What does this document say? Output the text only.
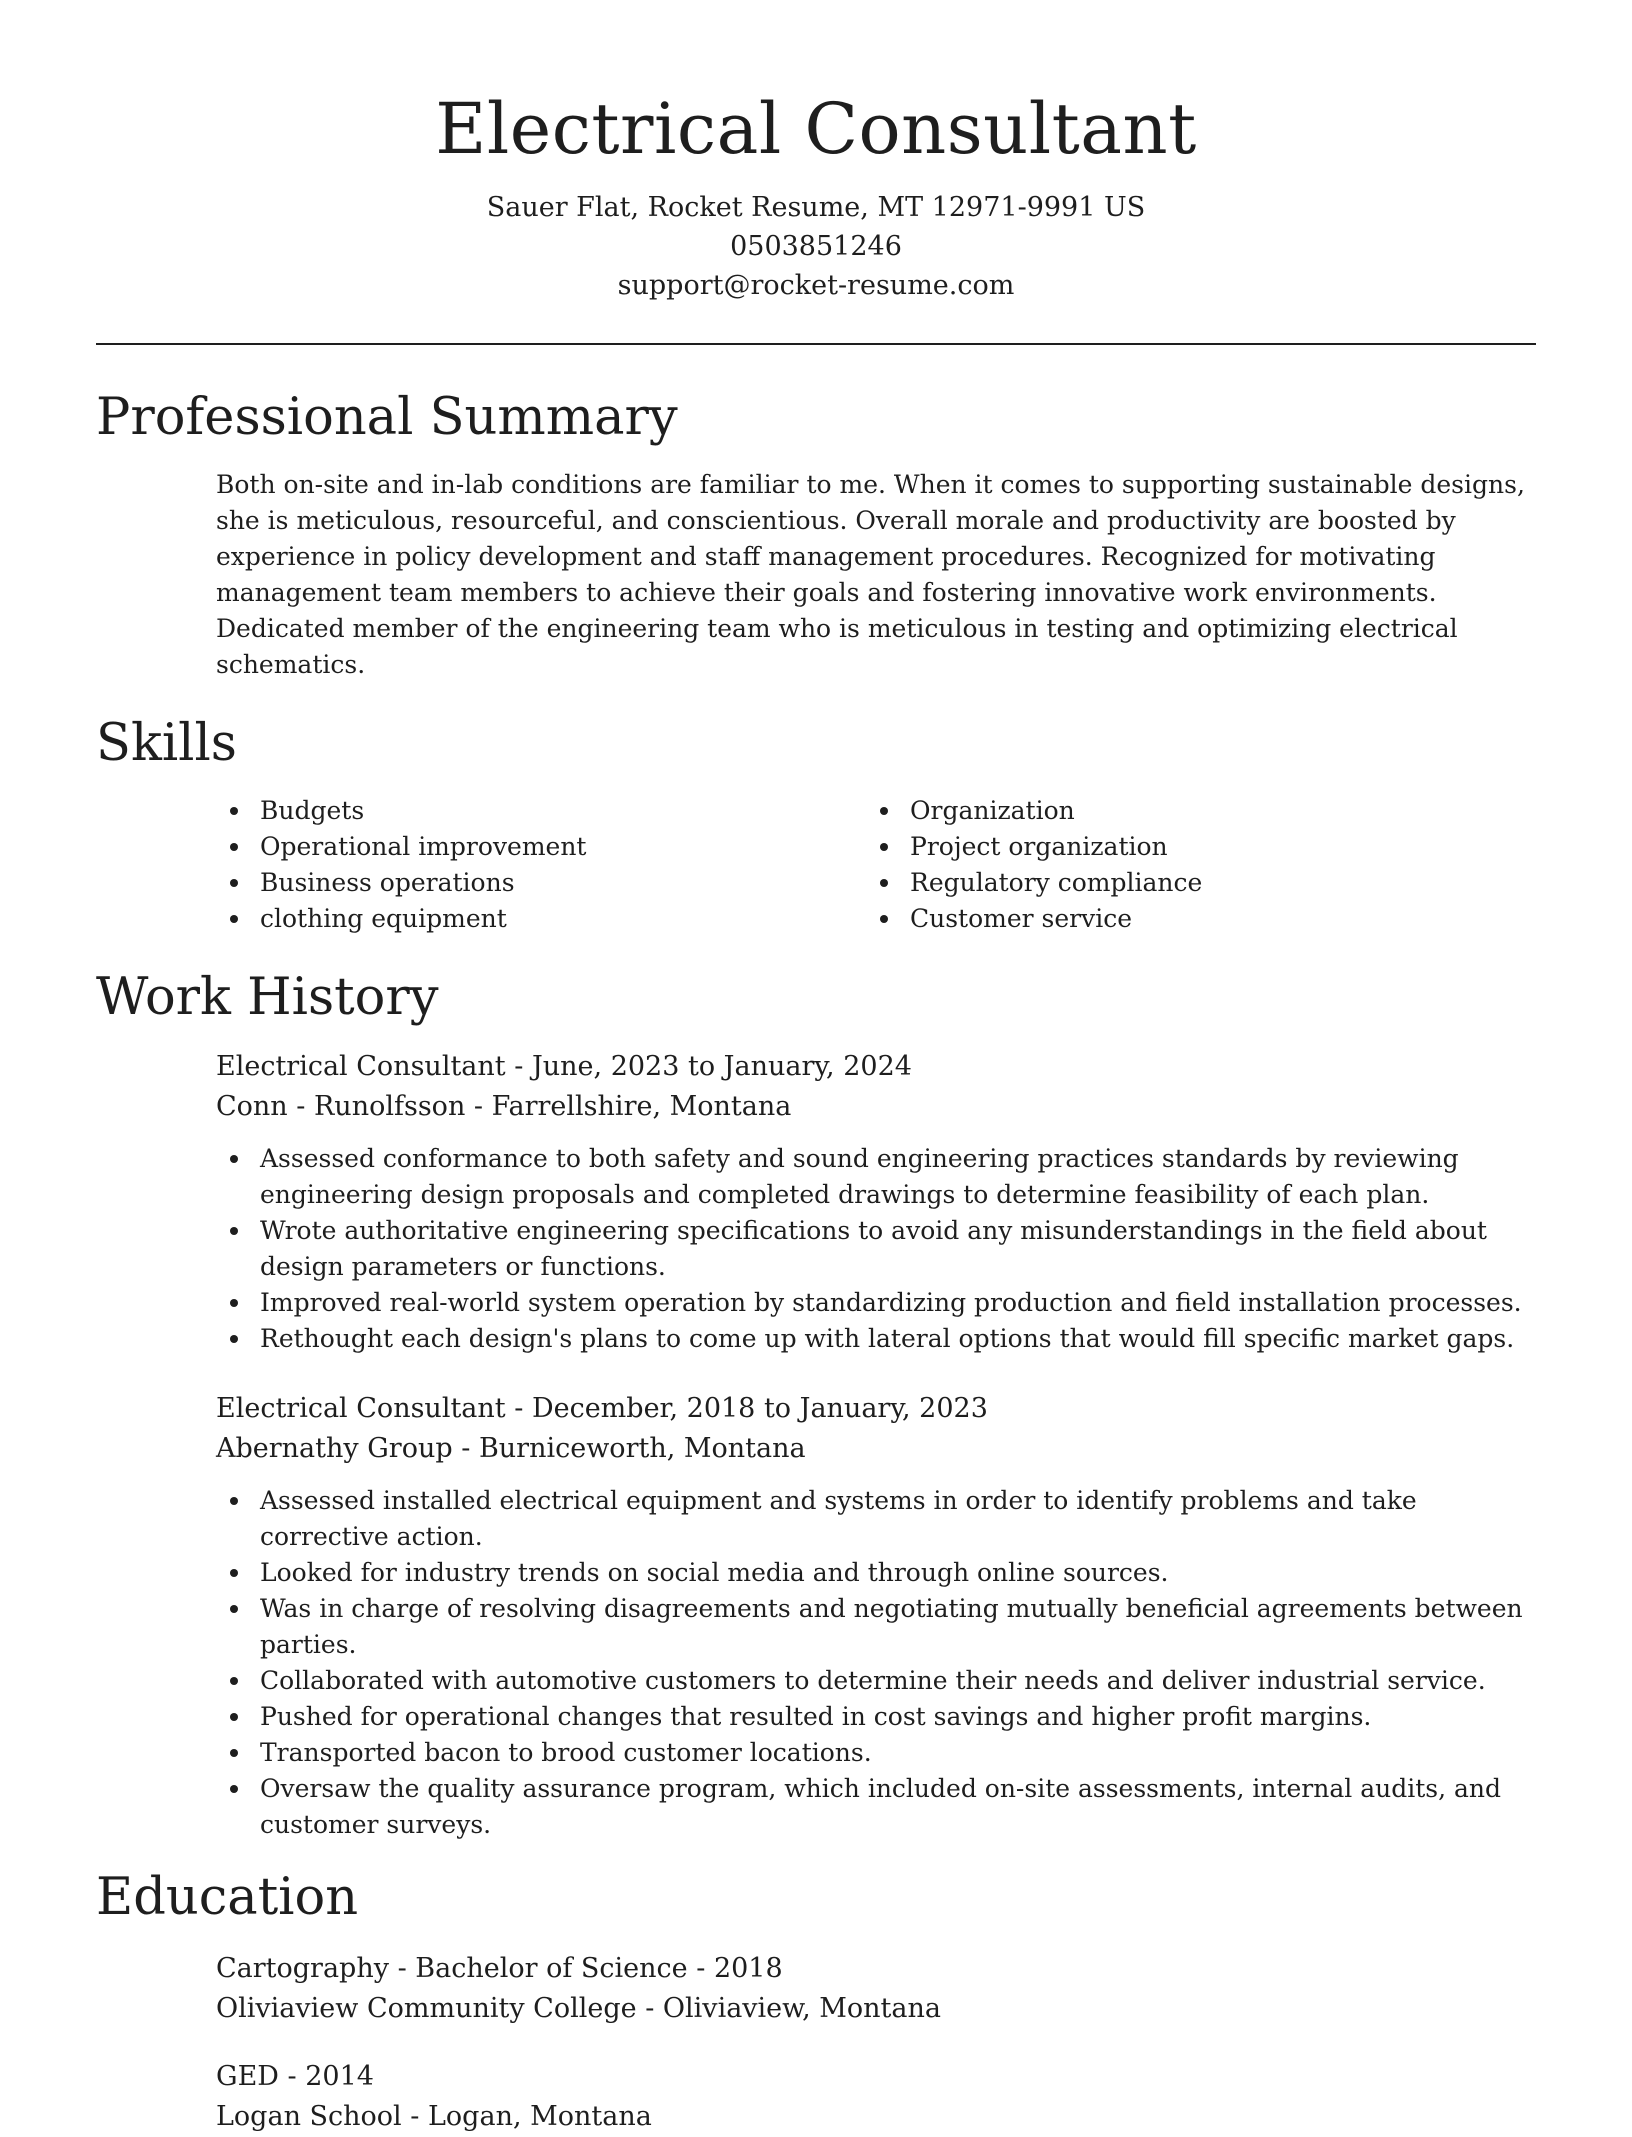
Electrical Consultant
Sauer Flat, Rocket Resume, MT 12971-9991 US
0503851246
support@rocket-resume.com
Professional Summary

Both on-site and in-lab conditions are familiar to me. When it comes to supporting sustainable designs, she is meticulous, resourceful, and conscientious. Overall morale and productivity are boosted by experience in policy development and staff management procedures. Recognized for motivating management team members to achieve their goals and fostering innovative work environments. Dedicated member of the engineering team who is meticulous in testing and optimizing electrical schematics.

Skills
Budgets
Operational improvement
Business operations
clothing equipment
Organization
Project organization
Regulatory compliance
Customer service
Work History
Electrical Consultant - June, 2023 to January, 2024
Conn - Runolfsson - Farrellshire, Montana
Assessed conformance to both safety and sound engineering practices standards by reviewing engineering design proposals and completed drawings to determine feasibility of each plan.
Wrote authoritative engineering specifications to avoid any misunderstandings in the field about design parameters or functions.
Improved real-world system operation by standardizing production and field installation processes.
Rethought each design's plans to come up with lateral options that would fill specific market gaps.
Electrical Consultant - December, 2018 to January, 2023
Abernathy Group - Burniceworth, Montana
Assessed installed electrical equipment and systems in order to identify problems and take corrective action.
Looked for industry trends on social media and through online sources.
Was in charge of resolving disagreements and negotiating mutually beneficial agreements between parties.
Collaborated with automotive customers to determine their needs and deliver industrial service.
Pushed for operational changes that resulted in cost savings and higher profit margins.
Transported bacon to brood customer locations.
Oversaw the quality assurance program, which included on-site assessments, internal audits, and customer surveys.
Education
Cartography - Bachelor of Science - 2018
Oliviaview Community College - Oliviaview, Montana
GED - 2014
Logan School - Logan, Montana
